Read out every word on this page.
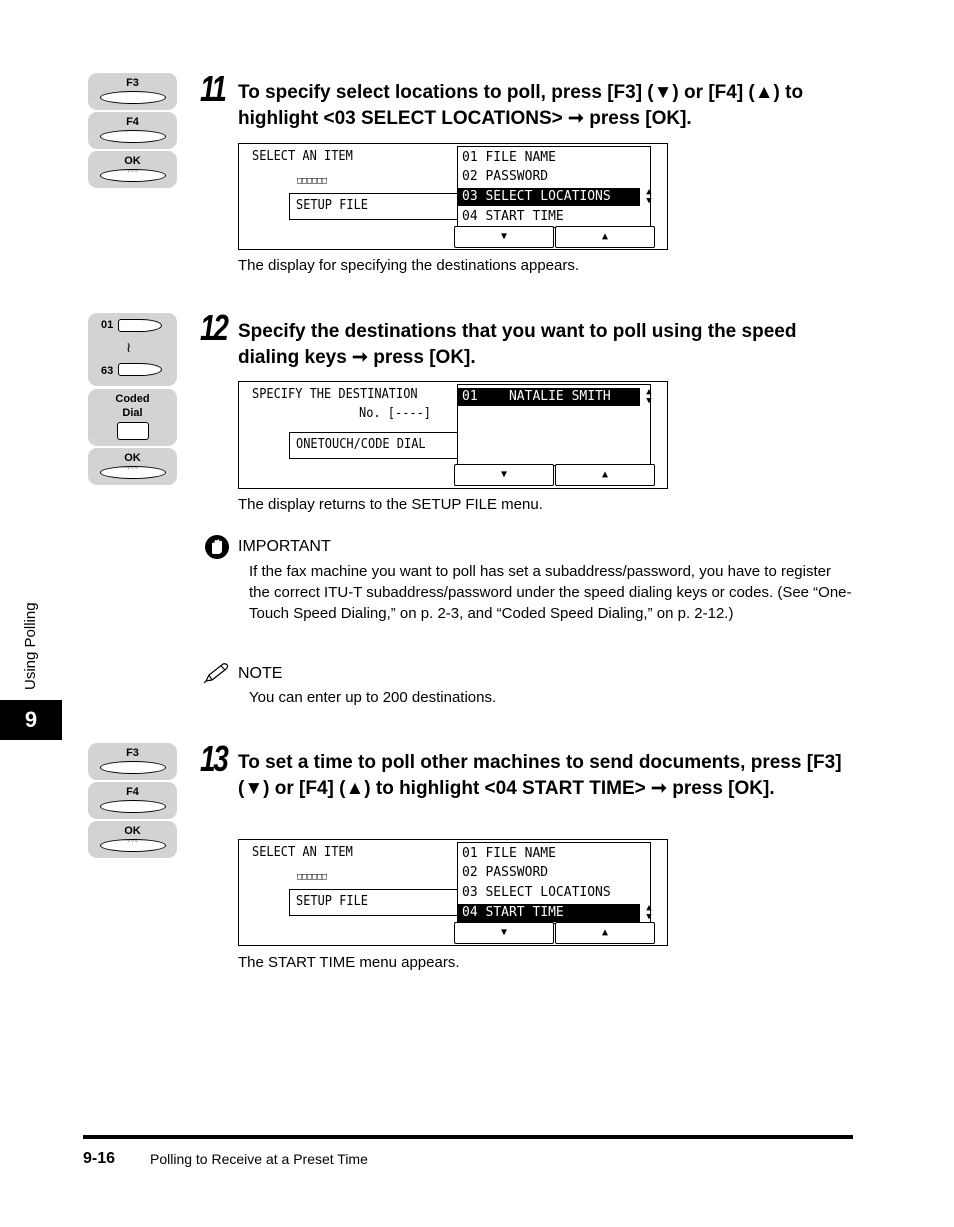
F3
F4
OK
◦◦◦
11 To specify select locations to poll, press [F3] (▼) or [F4] (▲) to highlight <03 SELECT LOCATIONS> ➞ press [OK].
SELECT AN ITEM
□□□□□□
SETUP FILE
01 FILE NAME
02 PASSWORD
03 SELECT LOCATIONS	▲
▼
04 START TIME
▼	▲
The display for specifying the destinations appears.
01
≀
63
Coded Dial
OK
◦◦◦
12 Specify the destinations that you want to poll using the speed dialing keys ➞ press [OK].
SPECIFY THE DESTINATION
No. [----]
ONETOUCH/CODE DIAL
01    NATALIE SMITH	▲
▼
▼	▲
The display returns to the SETUP FILE menu.
IMPORTANT
If the fax machine you want to poll has set a subaddress/password, you have to register the correct ITU-T subaddress/password under the speed dialing keys or codes. (See “One-Touch Speed Dialing,” on p. 2-3, and “Coded Speed Dialing,” on p. 2-12.)
NOTE
You can enter up to 200 destinations.
F3
F4
OK
◦◦◦
13 To set a time to poll other machines to send documents, press [F3] (▼) or [F4] (▲) to highlight <04 START TIME> ➞ press [OK].
SELECT AN ITEM
□□□□□□
SETUP FILE
01 FILE NAME
02 PASSWORD
03 SELECT LOCATIONS
04 START TIME	▲
▼
▼	▲
The START TIME menu appears.
Using Polling
9
9-16 Polling to Receive at a Preset Time
